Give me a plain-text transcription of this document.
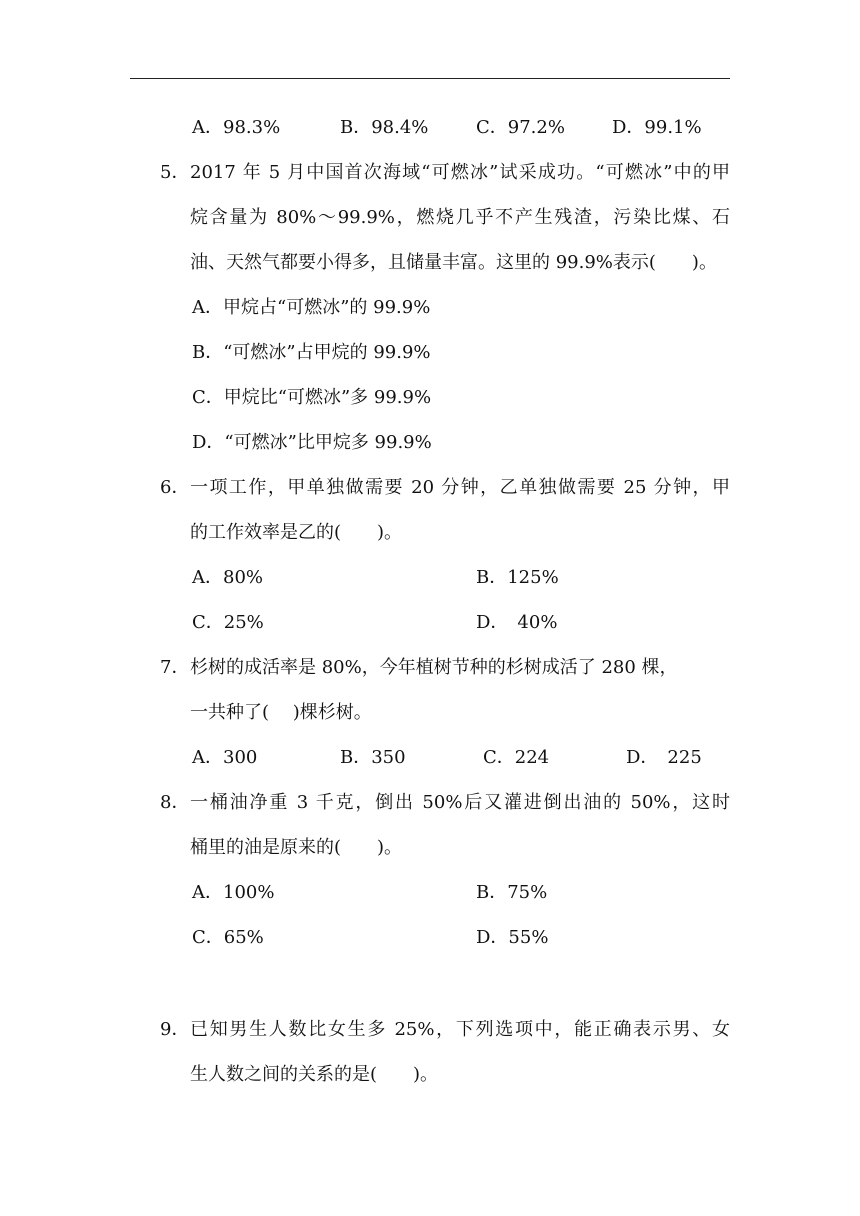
A．98.3%	B．98.4%	C．97.2%	D．99.1%
5． 2017 年 5 月中国首次海域“可燃冰”试采成功。“可燃冰”中的甲
烷含量为 80%～99.9%，燃烧几乎不产生残渣，污染比煤、石
油、天然气都要小得多，且储量丰富。这里的 99.9%表示(　　)。
A．甲烷占“可燃冰”的 99.9%
B．“可燃冰”占甲烷的 99.9%
C．甲烷比“可燃冰”多 99.9%
D．“可燃冰”比甲烷多 99.9%
6． 一项工作，甲单独做需要 20 分钟，乙单独做需要 25 分钟，甲
的工作效率是乙的(　　)。
A．80%	B．125%
C．25%	D．　40%
7． 杉树的成活率是 80%，今年植树节种的杉树成活了 280 棵，
一共种了(　 )棵杉树。
A．300	B．350	C．224	D．　225
8． 一桶油净重 3 千克，倒出 50%后又灌进倒出油的 50%，这时
桶里的油是原来的(　　)。
A．100%	B．75%
C．65%	D．55%
9． 已知男生人数比女生多 25%，下列选项中，能正确表示男、女
生人数之间的关系的是(　　)。
